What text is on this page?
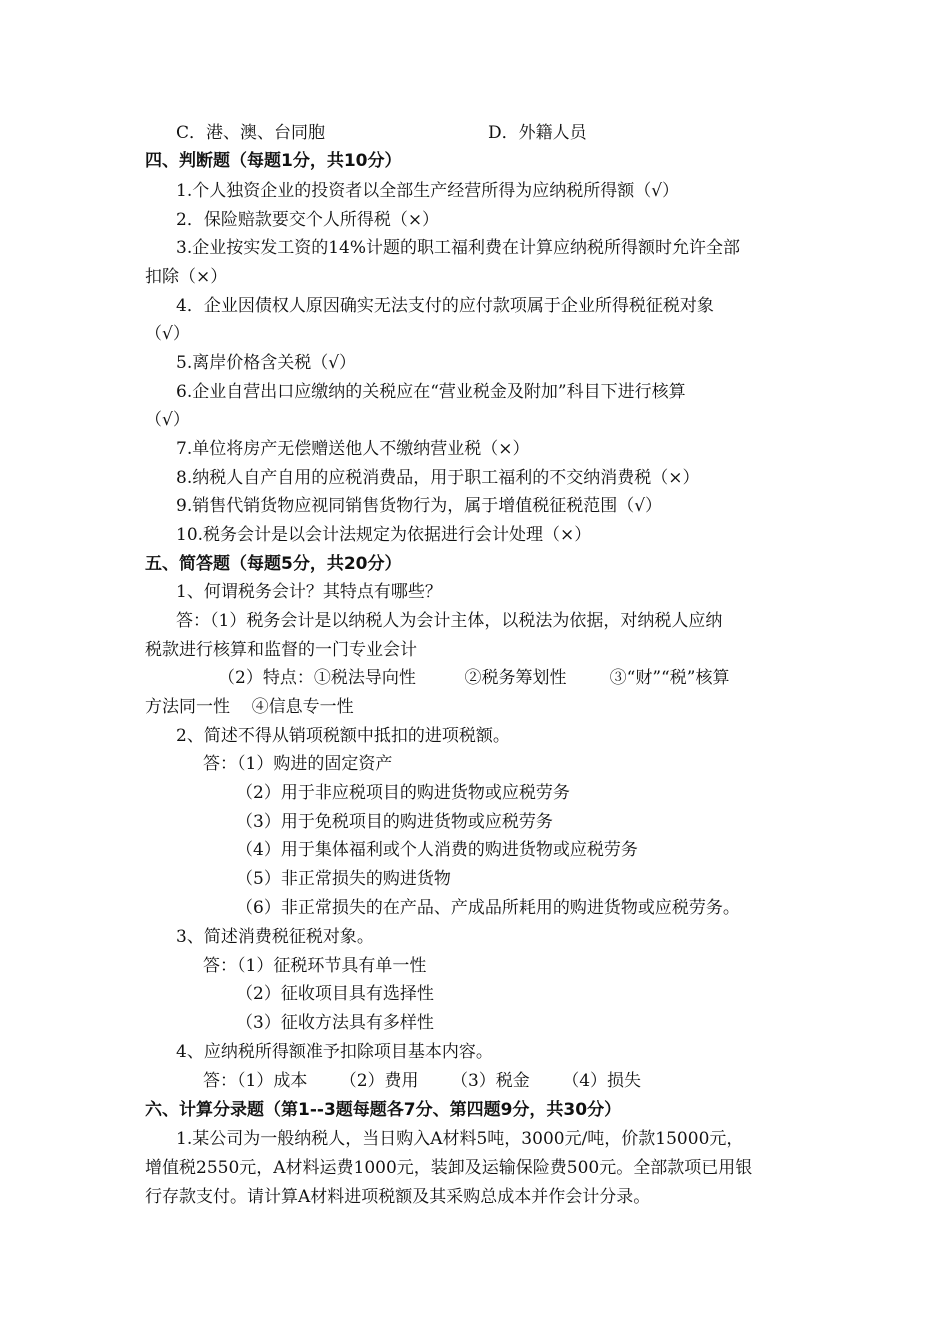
C．港、澳、台同胞	D．外籍人员
四、判断题（每题1分，共10分）
1.个人独资企业的投资者以全部生产经营所得为应纳税所得额（√）
2．保险赔款要交个人所得税（×）
3.企业按实发工资的14%计题的职工福利费在计算应纳税所得额时允许全部
扣除（×）
4．企业因债权人原因确实无法支付的应付款项属于企业所得税征税对象
（√）
5.离岸价格含关税（√）
6.企业自营出口应缴纳的关税应在“营业税金及附加”科目下进行核算
（√）
7.单位将房产无偿赠送他人不缴纳营业税（×）
8.纳税人自产自用的应税消费品，用于职工福利的不交纳消费税（×）
9.销售代销货物应视同销售货物行为，属于增值税征税范围（√）
10.税务会计是以会计法规定为依据进行会计处理（×）
五、简答题（每题5分，共20分）
1、何谓税务会计？其特点有哪些？
答：（1）税务会计是以纳税人为会计主体，以税法为依据，对纳税人应纳
税款进行核算和监督的一门专业会计
（2）特点：①税法导向性         ②税务筹划性        ③“财”“税”核算
方法同一性    ④信息专一性
2、简述不得从销项税额中抵扣的进项税额。
答：（1）购进的固定资产
（2）用于非应税项目的购进货物或应税劳务
（3）用于免税项目的购进货物或应税劳务
（4）用于集体福利或个人消费的购进货物或应税劳务
（5）非正常损失的购进货物
（6）非正常损失的在产品、产成品所耗用的购进货物或应税劳务。
3、简述消费税征税对象。
答：（1）征税环节具有单一性
（2）征收项目具有选择性
（3）征收方法具有多样性
4、应纳税所得额准予扣除项目基本内容。
答：（1）成本      （2）费用      （3）税金      （4）损失
六、计算分录题（第1--3题每题各7分、第四题9分，共30分）
1.某公司为一般纳税人，当日购入A材料5吨，3000元/吨，价款15000元，
增值税2550元，A材料运费1000元，装卸及运输保险费500元。全部款项已用银
行存款支付。请计算A材料进项税额及其采购总成本并作会计分录。
